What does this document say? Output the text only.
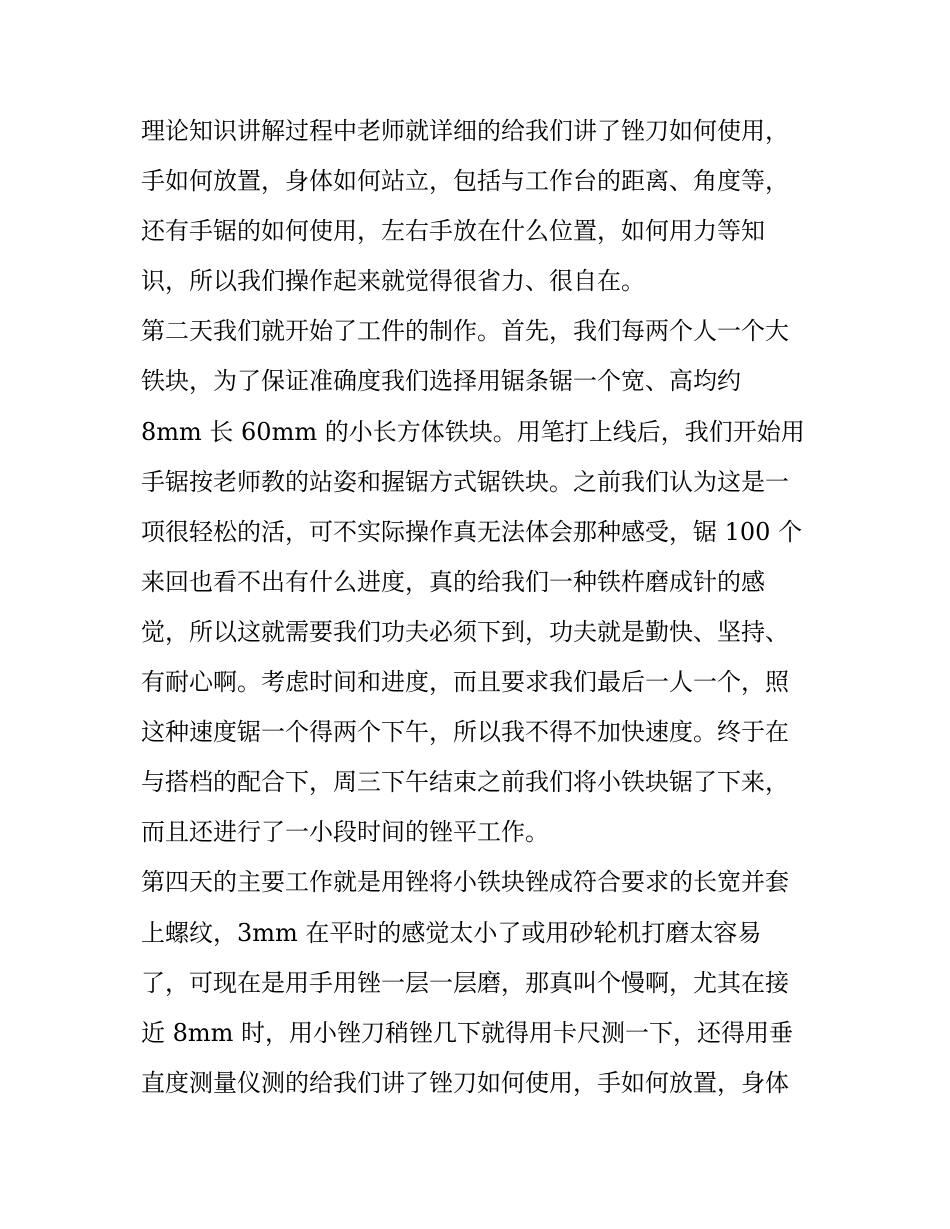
理论知识讲解过程中老师就详细的给我们讲了锉刀如何使用，
手如何放置，身体如何站立，包括与工作台的距离、角度等，
还有手锯的如何使用，左右手放在什么位置，如何用力等知
识，所以我们操作起来就觉得很省力、很自在。
第二天我们就开始了工件的制作。首先，我们每两个人一个大
铁块，为了保证准确度我们选择用锯条锯一个宽、高均约
8mm 长 60mm 的小长方体铁块。用笔打上线后，我们开始用
手锯按老师教的站姿和握锯方式锯铁块。之前我们认为这是一
项很轻松的活，可不实际操作真无法体会那种感受，锯 100 个
来回也看不出有什么进度，真的给我们一种铁杵磨成针的感
觉，所以这就需要我们功夫必须下到，功夫就是勤快、坚持、
有耐心啊。考虑时间和进度，而且要求我们最后一人一个，照
这种速度锯一个得两个下午，所以我不得不加快速度。终于在
与搭档的配合下，周三下午结束之前我们将小铁块锯了下来，
而且还进行了一小段时间的锉平工作。
第四天的主要工作就是用锉将小铁块锉成符合要求的长宽并套
上螺纹，3mm 在平时的感觉太小了或用砂轮机打磨太容易
了，可现在是用手用锉一层一层磨，那真叫个慢啊，尤其在接
近 8mm 时，用小锉刀稍锉几下就得用卡尺测一下，还得用垂
直度测量仪测的给我们讲了锉刀如何使用，手如何放置，身体
